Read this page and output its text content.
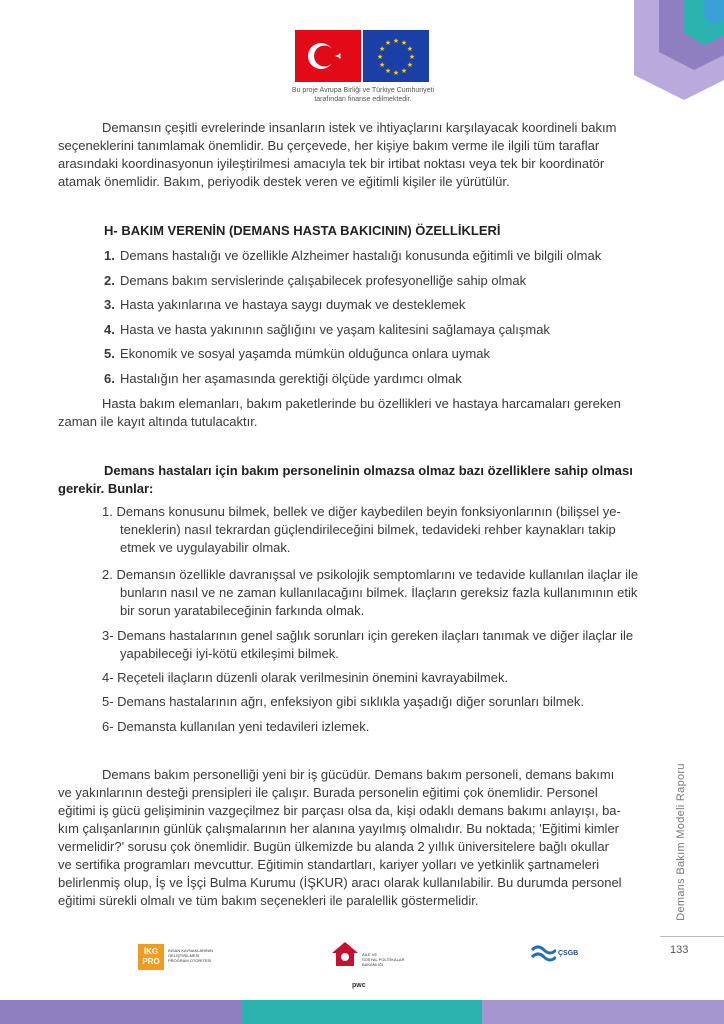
★
★
★
★
★
★
★
★
★ ★ ★
★
Bu proje Avrupa Birliği ve Türkiye Cumhuriyeti
tarafından finanse edilmektedir.
Demansın çeşitli evrelerinde insanların istek ve ihtiyaçlarını karşılayacak koordineli bakım
seçeneklerini tanımlamak önemlidir. Bu çerçevede, her kişiye bakım verme ile ilgili tüm taraflar
arasındaki koordinasyonun iyileştirilmesi amacıyla tek bir irtibat noktası veya tek bir koordinatör
atamak önemlidir. Bakım, periyodik destek veren ve eğitimli kişiler ile yürütülür.
H- BAKIM VERENİN (DEMANS HASTA BAKICININ) ÖZELLİKLERİ
1. Demans hastalığı ve özellikle Alzheimer hastalığı konusunda eğitimli ve bilgili olmak
2. Demans bakım servislerinde çalışabilecek profesyonelliğe sahip olmak
3. Hasta yakınlarına ve hastaya saygı duymak ve desteklemek
4. Hasta ve hasta yakınının sağlığını ve yaşam kalitesini sağlamaya çalışmak
5. Ekonomik ve sosyal yaşamda mümkün olduğunca onlara uymak
6. Hastalığın her aşamasında gerektiği ölçüde yardımcı olmak
Hasta bakım elemanları, bakım paketlerinde bu özellikleri ve hastaya harcamaları gereken
zaman ile kayıt altında tutulacaktır.
Demans hastaları için bakım personelinin olmazsa olmaz bazı özelliklere sahip olması
gerekir. Bunlar:
1. Demans konusunu bilmek, bellek ve diğer kaybedilen beyin fonksiyonlarının (bilişsel ye-
teneklerin) nasıl tekrardan güçlendirileceğini bilmek, tedavideki rehber kaynakları takip
etmek ve uygulayabilir olmak.
2. Demansın özellikle davranışsal ve psikolojik semptomlarını ve tedavide kullanılan ilaçlar ile
bunların nasıl ve ne zaman kullanılacağını bilmek. İlaçların gereksiz fazla kullanımının etik
bir sorun yaratabileceğinin farkında olmak.
3- Demans hastalarının genel sağlık sorunları için gereken ilaçları tanımak ve diğer ilaçlar ile
yapabileceği iyi-kötü etkileşimi bilmek.
4- Reçeteli ilaçların düzenli olarak verilmesinin önemini kavrayabilmek.
5- Demans hastalarının ağrı, enfeksiyon gibi sıklıkla yaşadığı diğer sorunları bilmek.
6- Demansta kullanılan yeni tedavileri izlemek.
Demans bakım personelliği yeni bir iş gücüdür. Demans bakım personeli, demans bakımı
ve yakınlarının desteği prensipleri ile çalışır. Burada personelin eğitimi çok önemlidir. Personel
eğitimi iş gücü gelişiminin vazgeçilmez bir parçası olsa da, kişi odaklı demans bakımı anlayışı, ba-
kım çalışanlarının günlük çalışmalarının her alanına yayılmış olmalıdır. Bu noktada; 'Eğitimi kimler
vermelidir?' sorusu çok önemlidir. Bugün ülkemizde bu alanda 2 yıllık üniversitelere bağlı okullar
ve sertifika programları mevcuttur. Eğitimin standartları, kariyer yolları ve yetkinlik şartnameleri
belirlenmiş olup, İş ve İşçi Bulma Kurumu (İŞKUR) aracı olarak kullanılabilir. Bu durumda personel
eğitimi sürekli olmalı ve tüm bakım seçenekleri ile paralellik göstermelidir.	Demans Bakım Modeli Raporu
133
İKG PRO
İNSAN KAYNAKLARININ
GELİŞTİRİLMESİ
PROGRAM OTORİTESİ
AİLE VE
SOSYAL POLİTİKALAR
BAKANLIĞI
pwc
ÇSGB
